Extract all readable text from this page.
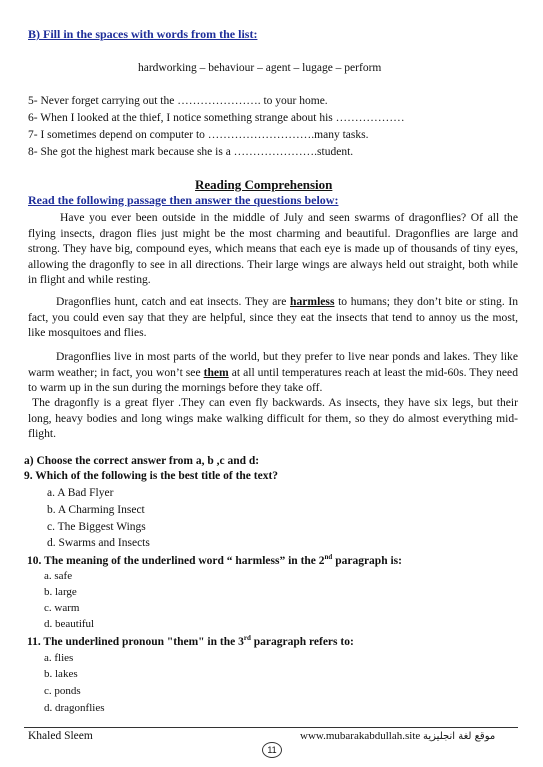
B) Fill in the spaces with words from the list:
hardworking – behaviour – agent – lugage – perform
5- Never forget carrying out the …………………. to your home.
6- When I looked at the thief, I notice something strange about his ………………
7- I sometimes depend on computer to ……………………….many tasks.
8- She got the highest mark because she is a ………………….student.
Reading Comprehension
Read the following passage then answer the questions below:
Have you ever been outside in the middle of July and seen swarms of dragonflies? Of all the flying insects, dragon flies just might be the most charming and beautiful. Dragonflies are large and strong. They have big, compound eyes, which means that each eye is made up of thousands of tiny eyes, allowing the dragonfly to see in all directions. Their large wings are always held out straight, both while in flight and while resting.
Dragonflies hunt, catch and eat insects. They are harmless to humans; they don’t bite or sting. In fact, you could even say that they are helpful, since they eat the insects that tend to annoy us the most, like mosquitoes and flies.
Dragonflies live in most parts of the world, but they prefer to live near ponds and lakes. They like warm weather; in fact, you won’t see them at all until temperatures reach at least the mid-60s. They need to warm up in the sun during the mornings before they take off.
The dragonfly is a great flyer .They can even fly backwards. As insects, they have six legs, but their long, heavy bodies and long wings make walking difficult for them, so they do almost everything mid-flight.
a) Choose the correct answer from a, b ,c and d:
9. Which of the following is the best title of the text?
a. A Bad Flyer
b. A Charming Insect
c. The Biggest Wings
d. Swarms and Insects
10. The meaning of the underlined word “ harmless” in the 2nd paragraph is:
a. safe
b. large
c. warm
d. beautiful
11. The underlined pronoun "them" in the 3rd paragraph refers to:
a. flies
b. lakes
c. ponds
d. dragonflies
Khaled Sleem	www.mubarakabdullah.site موقع لغة انجليزية
11
